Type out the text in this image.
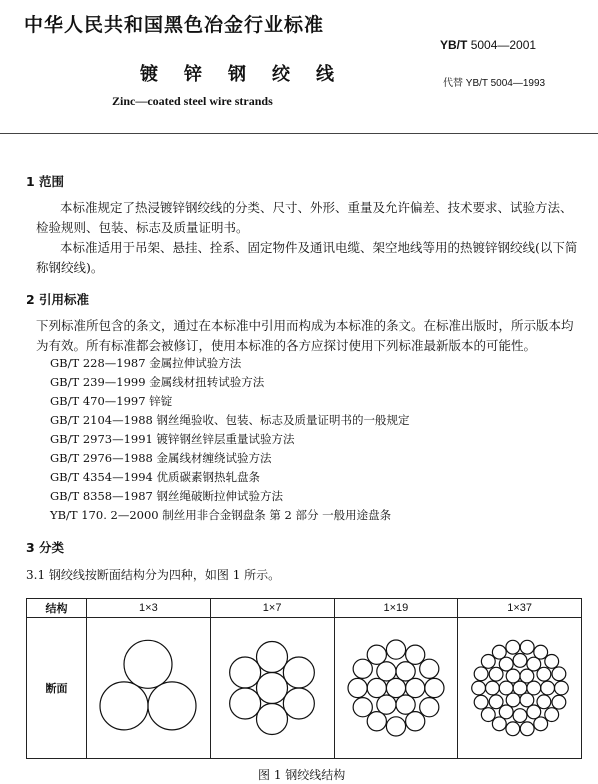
中华人民共和国黑色冶金行业标准
YB/T 5004—2001
镀锌钢绞线	代替 YB/T 5004—1993
Zinc—coated steel wire strands
1 范围
本标准规定了热浸镀锌钢绞线的分类、尺寸、外形、重量及允许偏差、技术要求、试验方法、检验规则、包装、标志及质量证明书。
本标准适用于吊架、悬挂、拴系、固定物件及通讯电缆、架空地线等用的热镀锌钢绞线(以下简称钢绞线)。
2 引用标准
下列标准所包含的条文，通过在本标准中引用而构成为本标准的条文。在标准出版时，所示版本均为有效。所有标准都会被修订，使用本标准的各方应探讨使用下列标准最新版本的可能性。
GB/T 228—1987 金属拉伸试验方法
GB/T 239—1999 金属线材扭转试验方法
GB/T 470—1997 锌锭
GB/T 2104—1988 钢丝绳验收、包装、标志及质量证明书的一般规定
GB/T 2973—1991 镀锌钢丝锌层重量试验方法
GB/T 2976—1988 金属线材缠绕试验方法
GB/T 4354—1994 优质碳素钢热轧盘条
GB/T 8358—1987 钢丝绳破断拉伸试验方法
YB/T 170. 2—2000 制丝用非合金钢盘条 第 2 部分 一般用途盘条
3 分类
3.1 钢绞线按断面结构分为四种，如图 1 所示。
结构	1×3	1×7	1×19	1×37
断面	

图 1 钢绞线结构
